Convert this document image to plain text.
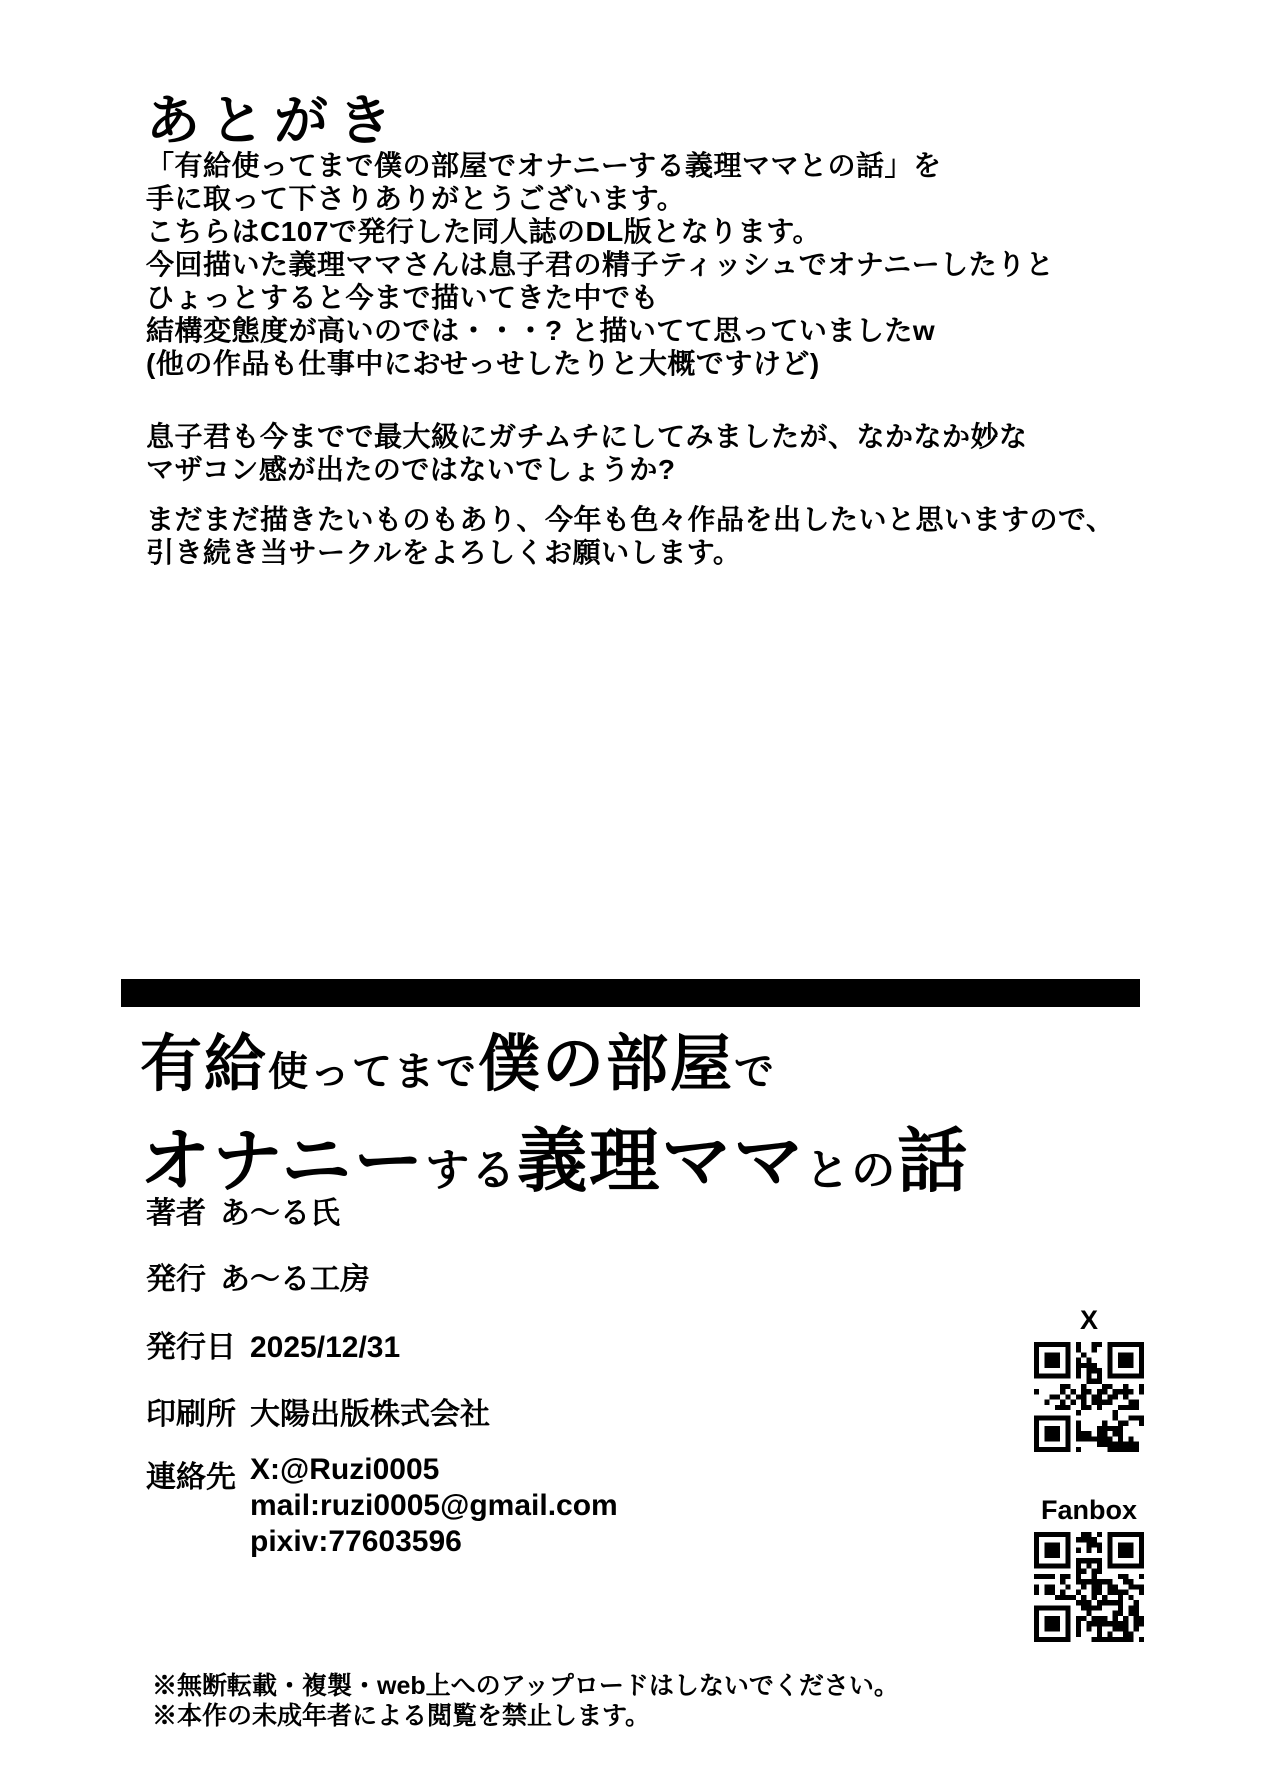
あとがき
「有給使ってまで僕の部屋でオナニーする義理ママとの話」を
手に取って下さりありがとうございます。
こちらはC107で発行した同人誌のDL版となります。
今回描いた義理ママさんは息子君の精子ティッシュでオナニーしたりと
ひょっとすると今まで描いてきた中でも
結構変態度が高いのでは・・・? と描いてて思っていましたw
(他の作品も仕事中におせっせしたりと大概ですけど)
息子君も今までで最大級にガチムチにしてみましたが、なかなか妙な
マザコン感が出たのではないでしょうか?
まだまだ描きたいものもあり、今年も色々作品を出したいと思いますので、
引き続き当サークルをよろしくお願いします。
有給使ってまで僕の部屋で
オナニーする義理ママとの話
著者 あ～る氏
発行 あ～る工房
発行日 2025/12/31
印刷所 大陽出版株式会社
連絡先 X:@Ruzi0005
mail:ruzi0005@gmail.com
pixiv:77603596
X
Fanbox
※無断転載・複製・web上へのアップロードはしないでください。
※本作の未成年者による閲覧を禁止します。
